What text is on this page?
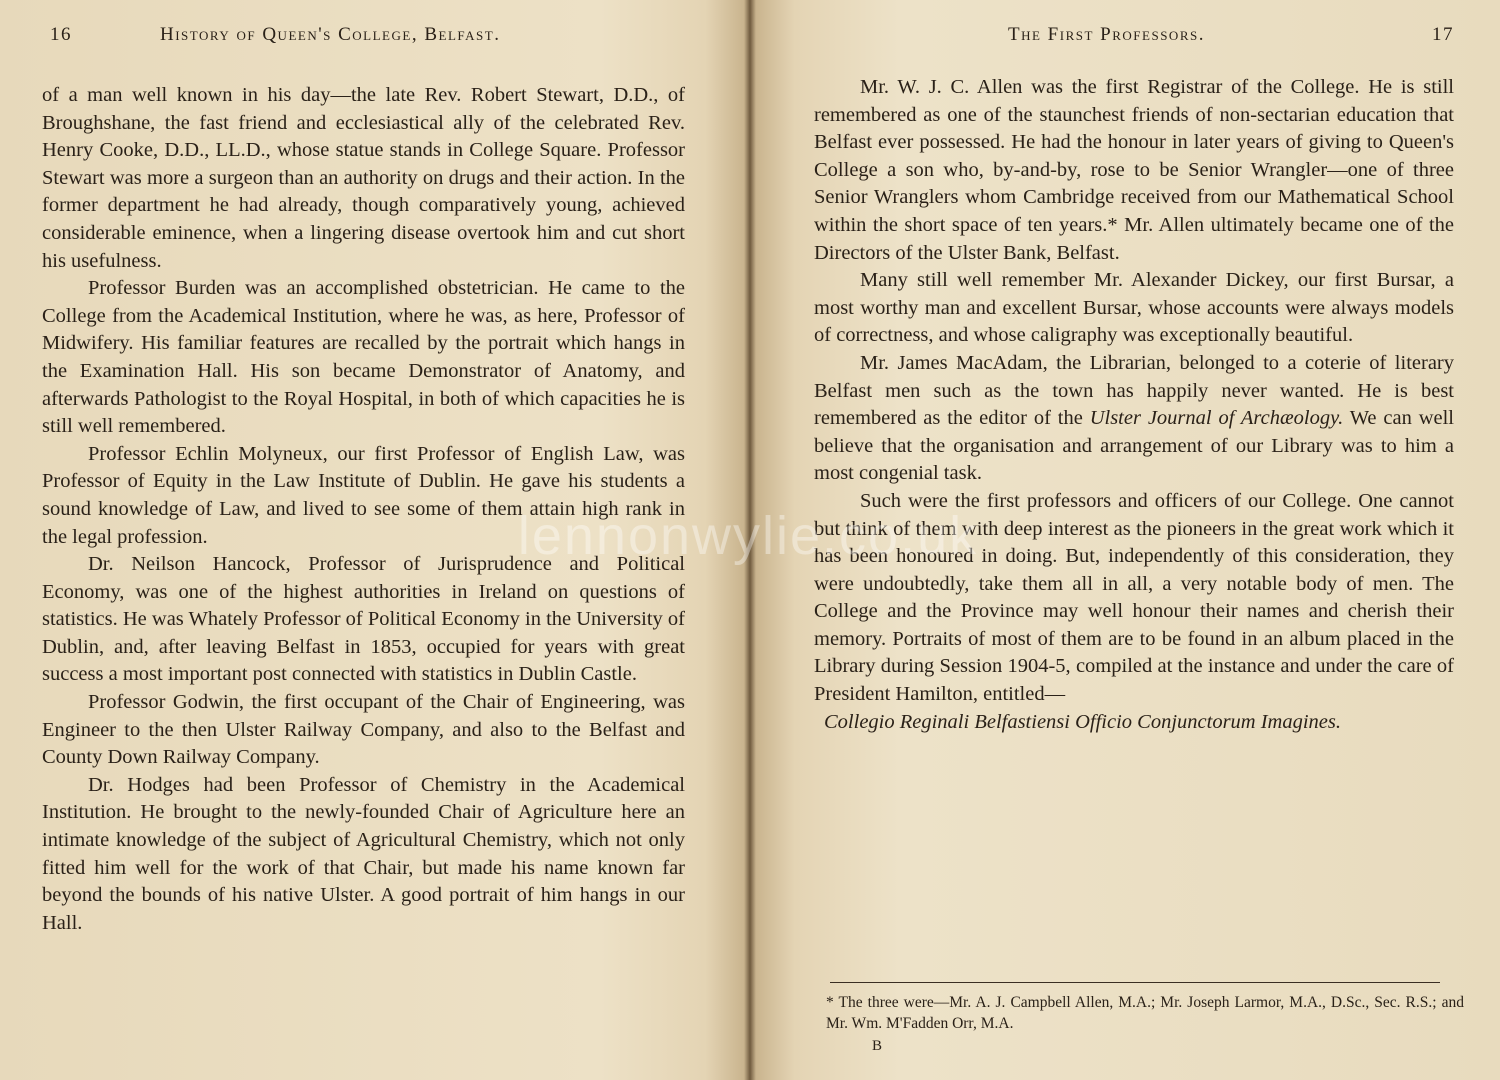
16	History of Queen's College, Belfast.

of a man well known in his day—the late Rev. Robert Stewart, D.D., of Broughshane, the fast friend and ecclesiastical ally of the celebrated Rev. Henry Cooke, D.D., LL.D., whose statue stands in College Square. Professor Stewart was more a surgeon than an authority on drugs and their action. In the former department he had already, though comparatively young, achieved considerable eminence, when a lingering disease overtook him and cut short his usefulness.

Professor Burden was an accomplished obstetrician. He came to the College from the Academical Institution, where he was, as here, Professor of Midwifery. His familiar features are recalled by the portrait which hangs in the Examination Hall. His son became Demonstrator of Anatomy, and afterwards Pathologist to the Royal Hospital, in both of which capacities he is still well remembered.

Professor Echlin Molyneux, our first Professor of English Law, was Professor of Equity in the Law Institute of Dublin. He gave his students a sound knowledge of Law, and lived to see some of them attain high rank in the legal profession.

Dr. Neilson Hancock, Professor of Jurisprudence and Political Economy, was one of the highest authorities in Ireland on questions of statistics. He was Whately Professor of Political Economy in the University of Dublin, and, after leaving Belfast in 1853, occupied for years with great success a most important post connected with statistics in Dublin Castle.

Professor Godwin, the first occupant of the Chair of Engineering, was Engineer to the then Ulster Railway Company, and also to the Belfast and County Down Railway Company.

Dr. Hodges had been Professor of Chemistry in the Academical Institution. He brought to the newly-founded Chair of Agriculture here an intimate knowledge of the subject of Agricultural Chemistry, which not only fitted him well for the work of that Chair, but made his name known far beyond the bounds of his native Ulster. A good portrait of him hangs in our Hall.

The First Professors.	17

Mr. W. J. C. Allen was the first Registrar of the College. He is still remembered as one of the staunchest friends of non-sectarian education that Belfast ever possessed. He had the honour in later years of giving to Queen's College a son who, by-and-by, rose to be Senior Wrangler—one of three Senior Wranglers whom Cambridge received from our Mathematical School within the short space of ten years.* Mr. Allen ultimately became one of the Directors of the Ulster Bank, Belfast.

Many still well remember Mr. Alexander Dickey, our first Bursar, a most worthy man and excellent Bursar, whose accounts were always models of correctness, and whose caligraphy was exceptionally beautiful.

Mr. James MacAdam, the Librarian, belonged to a coterie of literary Belfast men such as the town has happily never wanted. He is best remembered as the editor of the Ulster Journal of Archæology. We can well believe that the organisation and arrangement of our Library was to him a most congenial task.

Such were the first professors and officers of our College. One cannot but think of them with deep interest as the pioneers in the great work which it has been honoured in doing. But, independently of this consideration, they were undoubtedly, take them all in all, a very notable body of men. The College and the Province may well honour their names and cherish their memory. Portraits of most of them are to be found in an album placed in the Library during Session 1904-5, compiled at the instance and under the care of President Hamilton, entitled—

Collegio Reginali Belfastiensi Officio Conjunctorum Imagines.

* The three were—Mr. A. J. Campbell Allen, M.A.; Mr. Joseph Larmor, M.A., D.Sc., Sec. R.S.; and Mr. Wm. M'Fadden Orr, M.A.
B
lennonwylie.co.uk
